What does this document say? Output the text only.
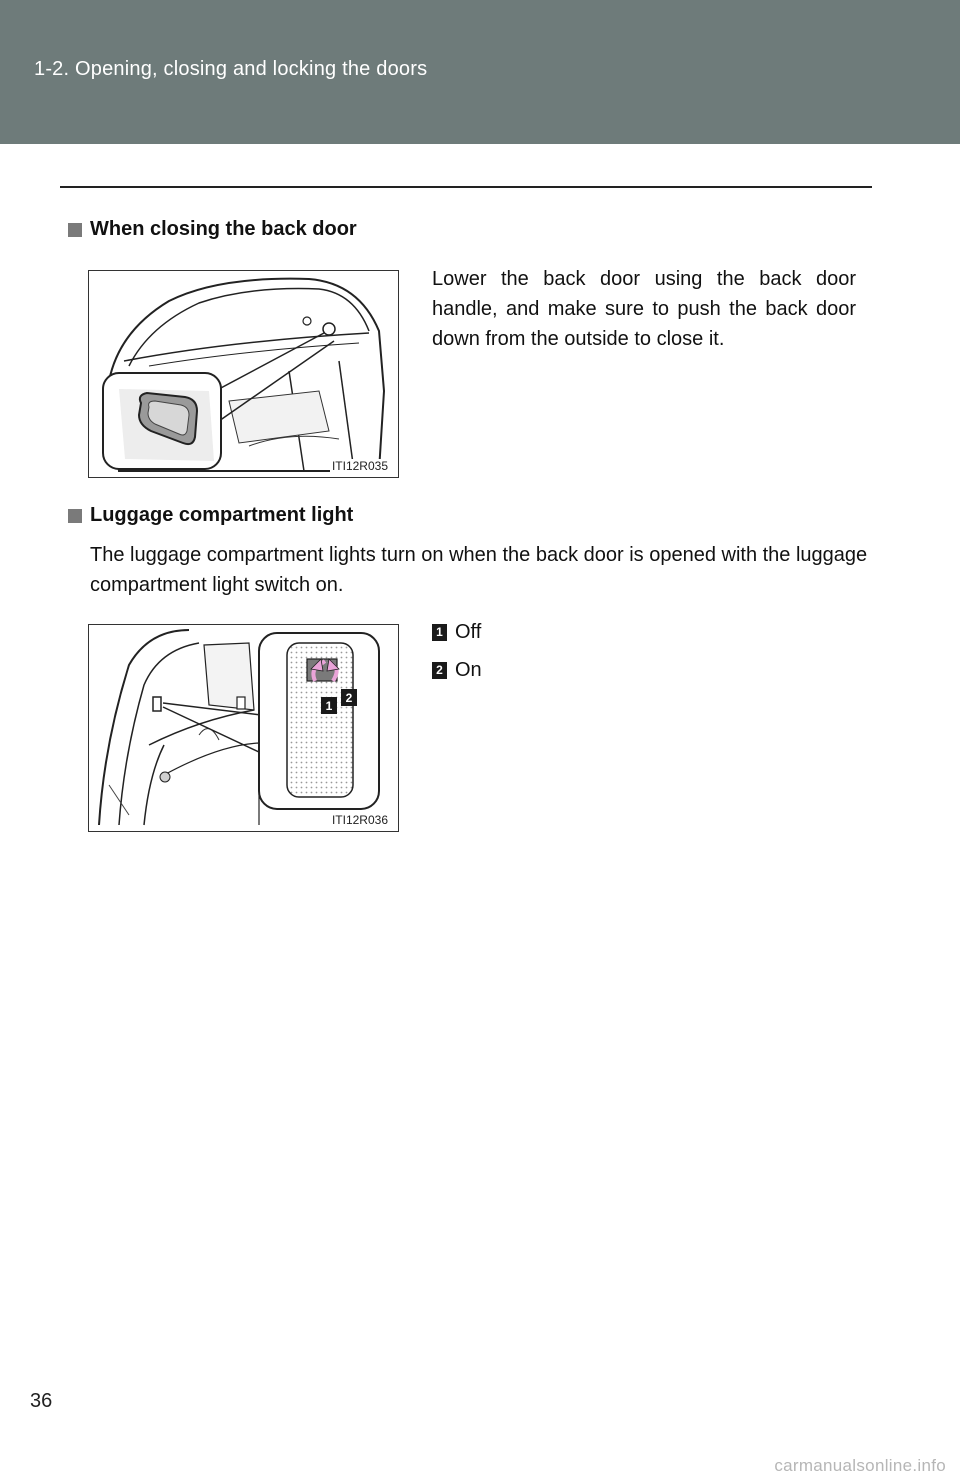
1-2. Opening, closing and locking the doors
When closing the back door
ITI12R035
Lower the back door using the back door handle, and make sure to push the back door down from the outside to close it.
Luggage compartment light
The luggage compartment lights turn on when the back door is opened with the luggage compartment light switch on.
1
2
ITI12R036
1 Off
2 On
36
carmanualsonline.info
